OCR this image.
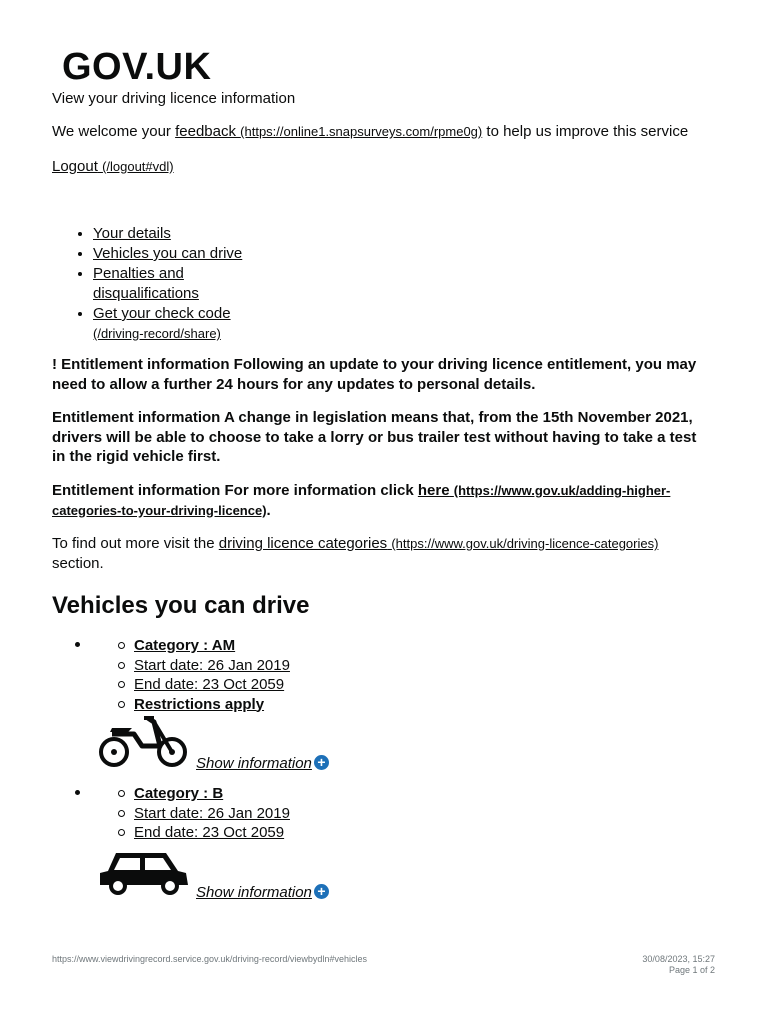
GOV.UK
View your driving licence information
We welcome your feedback (https://online1.snapsurveys.com/rpme0g) to help us improve this service
Logout (/logout#vdl)
• Your details
• Vehicles you can drive
• Penalties and disqualifications
• Get your check code
(/driving-record/share)

! Entitlement information Following an update to your driving licence entitlement, you may need to allow a further 24 hours for any updates to personal details.

Entitlement information A change in legislation means that, from the 15th November 2021, drivers will be able to choose to take a lorry or bus trailer test without having to take a test in the rigid vehicle first.

Entitlement information For more information click here (https://www.gov.uk/adding-higher-categories-to-your-driving-licence).

To find out more visit the driving licence categories (https://www.gov.uk/driving-licence-categories)
section.

Vehicles you can drive
Category : AM
Start date: 26 Jan 2019
End date: 23 Oct 2059
Restrictions apply
Show information +
Category : B
Start date: 26 Jan 2019
End date: 23 Oct 2059
Show information +
https://www.viewdrivingrecord.service.gov.uk/driving-record/viewbydln#vehicles	30/08/2023, 15:27
Page 1 of 2
